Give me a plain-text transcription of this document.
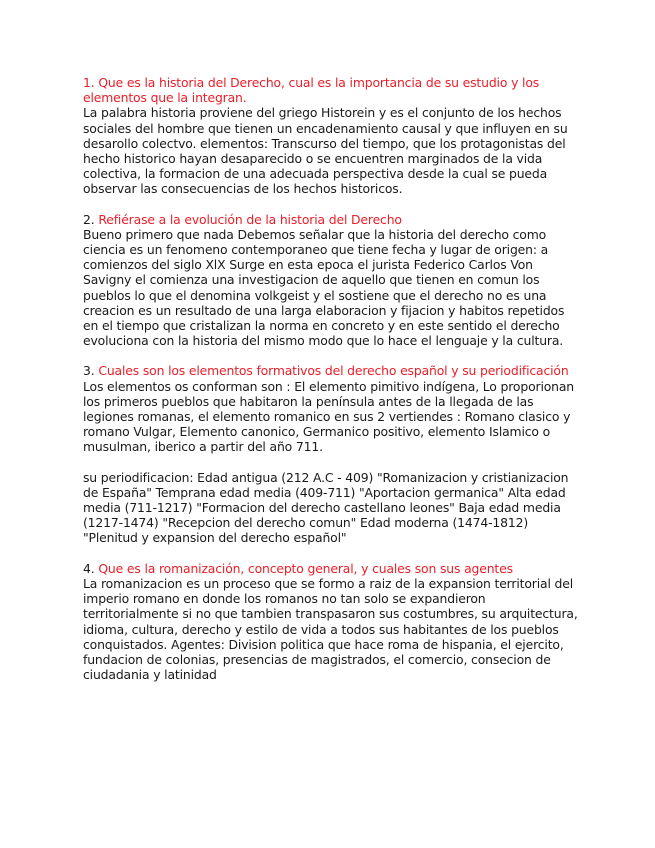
1. Que es la historia del Derecho, cual es la importancia de su estudio y los elementos que la integran.

La palabra historia proviene del griego Historein y es el conjunto de los hechos sociales del hombre que tienen un encadenamiento causal y que influyen en su desarollo colectvo. elementos: Transcurso del tiempo, que los protagonistas del hecho historico hayan desaparecido o se encuentren marginados de la vida colectiva, la formacion de una adecuada perspectiva desde la cual se pueda observar las consecuencias de los hechos historicos.

2. Refiérase a la evolución de la historia del Derecho

Bueno primero que nada Debemos señalar que la historia del derecho como ciencia es un fenomeno contemporaneo que tiene fecha y lugar de origen: a comienzos del siglo XlX Surge en esta epoca el jurista Federico Carlos Von Savigny el comienza una investigacion de aquello que tienen en comun los pueblos lo que el denomina volkgeist y el sostiene que el derecho no es una creacion es un resultado de una larga elaboracion y fijacion y habitos repetidos en el tiempo que cristalizan la norma en concreto y en este sentido el derecho evoluciona con la historia del mismo modo que lo hace el lenguaje y la cultura.

3. Cuales son los elementos formativos del derecho español y su periodificación

Los elementos os conforman son : El elemento pimitivo indígena, Lo proporionan los primeros pueblos que habitaron la península antes de la llegada de las legiones romanas, el elemento romanico en sus 2 vertiendes : Romano clasico y romano Vulgar, Elemento canonico, Germanico positivo, elemento Islamico o musulman, iberico a partir del año 711.

su periodificacion: Edad antigua (212 A.C - 409) "Romanizacion y cristianizacion de España" Temprana edad media (409-711) "Aportacion germanica" Alta edad media (711-1217) "Formacion del derecho castellano leones" Baja edad media (1217-1474) "Recepcion del derecho comun" Edad moderna (1474-1812) "Plenitud y expansion del derecho español"

4. Que es la romanización, concepto general, y cuales son sus agentes

La romanizacion es un proceso que se formo a raiz de la expansion territorial del imperio romano en donde los romanos no tan solo se expandieron territorialmente si no que tambien transpasaron sus costumbres, su arquitectura, idioma, cultura, derecho y estilo de vida a todos sus habitantes de los pueblos conquistados. Agentes: Division politica que hace roma de hispania, el ejercito, fundacion de colonias, presencias de magistrados, el comercio, consecion de ciudadania y latinidad
